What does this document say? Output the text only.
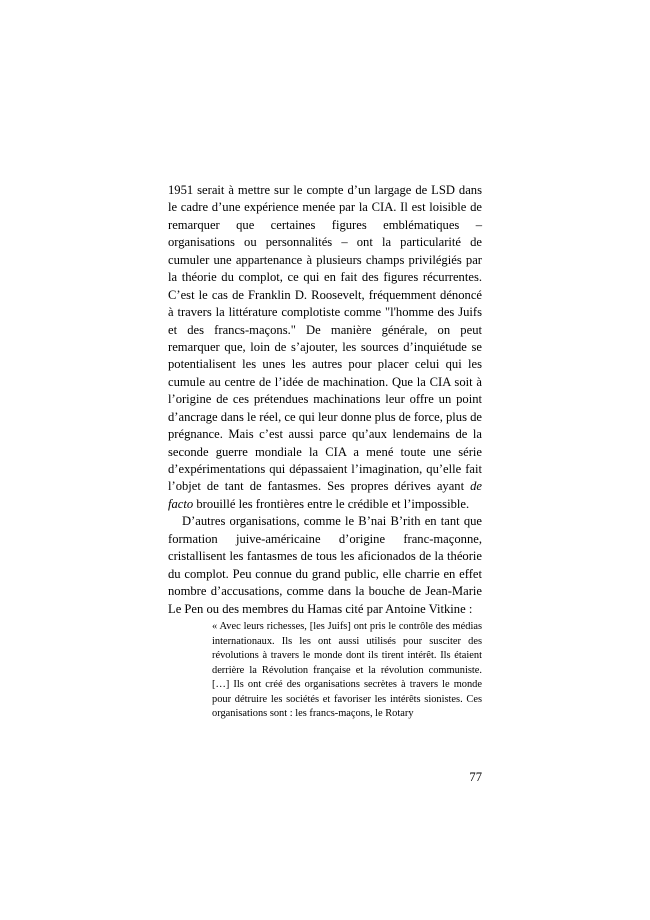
1951 serait à mettre sur le compte d’un largage de LSD dans le cadre d’une expérience menée par la CIA. Il est loisible de remarquer que certaines figures emblématiques – organisations ou personnalités – ont la particularité de cumuler une appartenance à plusieurs champs privilégiés par la théorie du complot, ce qui en fait des figures récurrentes. C’est le cas de Franklin D. Roosevelt, fréquemment dénoncé à travers la littérature complotiste comme "l'homme des Juifs et des francs-maçons." De manière générale, on peut remarquer que, loin de s’ajouter, les sources d’inquiétude se potentialisent les unes les autres pour placer celui qui les cumule au centre de l’idée de machination. Que la CIA soit à l’origine de ces prétendues machinations leur offre un point d’ancrage dans le réel, ce qui leur donne plus de force, plus de prégnance. Mais c’est aussi parce qu’aux lendemains de la seconde guerre mondiale la CIA a mené toute une série d’expérimentations qui dépassaient l’imagination, qu’elle fait l’objet de tant de fantasmes. Ses propres dérives ayant de facto brouillé les frontières entre le crédible et l’impossible.

D’autres organisations, comme le B’nai B’rith en tant que formation juive-américaine d’origine franc-maçonne, cristallisent les fantasmes de tous les aficionados de la théorie du complot. Peu connue du grand public, elle charrie en effet nombre d’accusations, comme dans la bouche de Jean-Marie Le Pen ou des membres du Hamas cité par Antoine Vitkine :

« Avec leurs richesses, [les Juifs] ont pris le contrôle des médias internationaux. Ils les ont aussi utilisés pour susciter des révolutions à travers le monde dont ils tirent intérêt. Ils étaient derrière la Révolution française et la révolution communiste. […] Ils ont créé des organisations secrètes à travers le monde pour détruire les sociétés et favoriser les intérêts sionistes. Ces organisations sont : les francs-maçons, le Rotary

77
